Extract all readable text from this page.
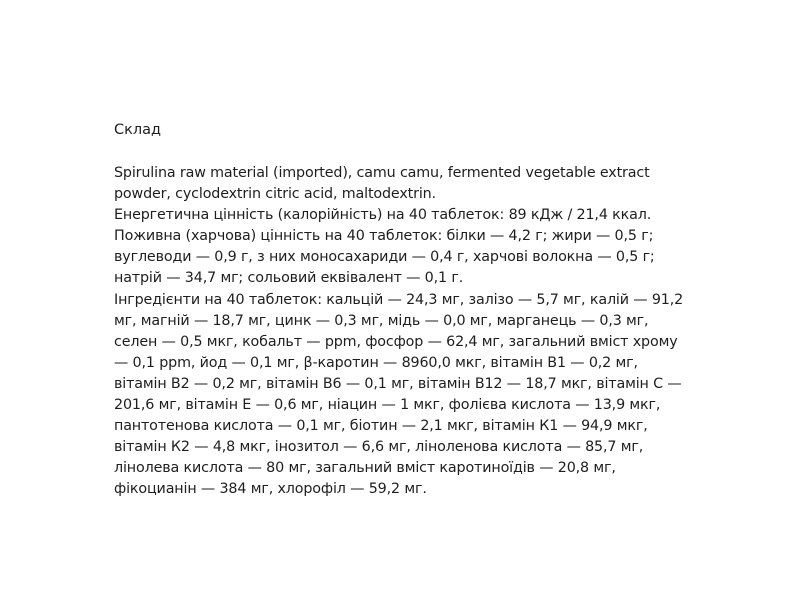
Склад

Spirulina raw material (imported), camu camu, fermented vegetable extract powder, cyclodextrin citric acid, maltodextrin.

Енергетична цінність (калорійність) на 40 таблеток: 89 кДж / 21,4 ккал.

Поживна (харчова) цінність на 40 таблеток: білки — 4,2 г; жири — 0,5 г; вуглеводи — 0,9 г, з них моносахариди — 0,4 г, харчові волокна — 0,5 г; натрій — 34,7 мг; сольовий еквівалент — 0,1 г.

Інгредієнти на 40 таблеток: кальцій — 24,3 мг, залізо — 5,7 мг, калій — 91,2 мг, магній — 18,7 мг, цинк — 0,3 мг, мідь — 0,0 мг, марганець — 0,3 мг, селен — 0,5 мкг, кобальт — ppm, фосфор — 62,4 мг, загальний вміст хрому — 0,1 ppm, йод — 0,1 мг, β-каротин — 8960,0 мкг, вітамін В1 — 0,2 мг, вітамін В2 — 0,2 мг, вітамін В6 — 0,1 мг, вітамін В12 — 18,7 мкг, вітамін С — 201,6 мг, вітамін Е — 0,6 мг, ніацин — 1 мкг, фолієва кислота — 13,9 мкг, пантотенова кислота — 0,1 мг, біотин — 2,1 мкг, вітамін К1 — 94,9 мкг, вітамін К2 — 4,8 мкг, інозитол — 6,6 мг, ліноленова кислота — 85,7 мг, лінолева кислота — 80 мг, загальний вміст каротиноїдів — 20,8 мг, фікоцианін — 384 мг, хлорофіл — 59,2 мг.
